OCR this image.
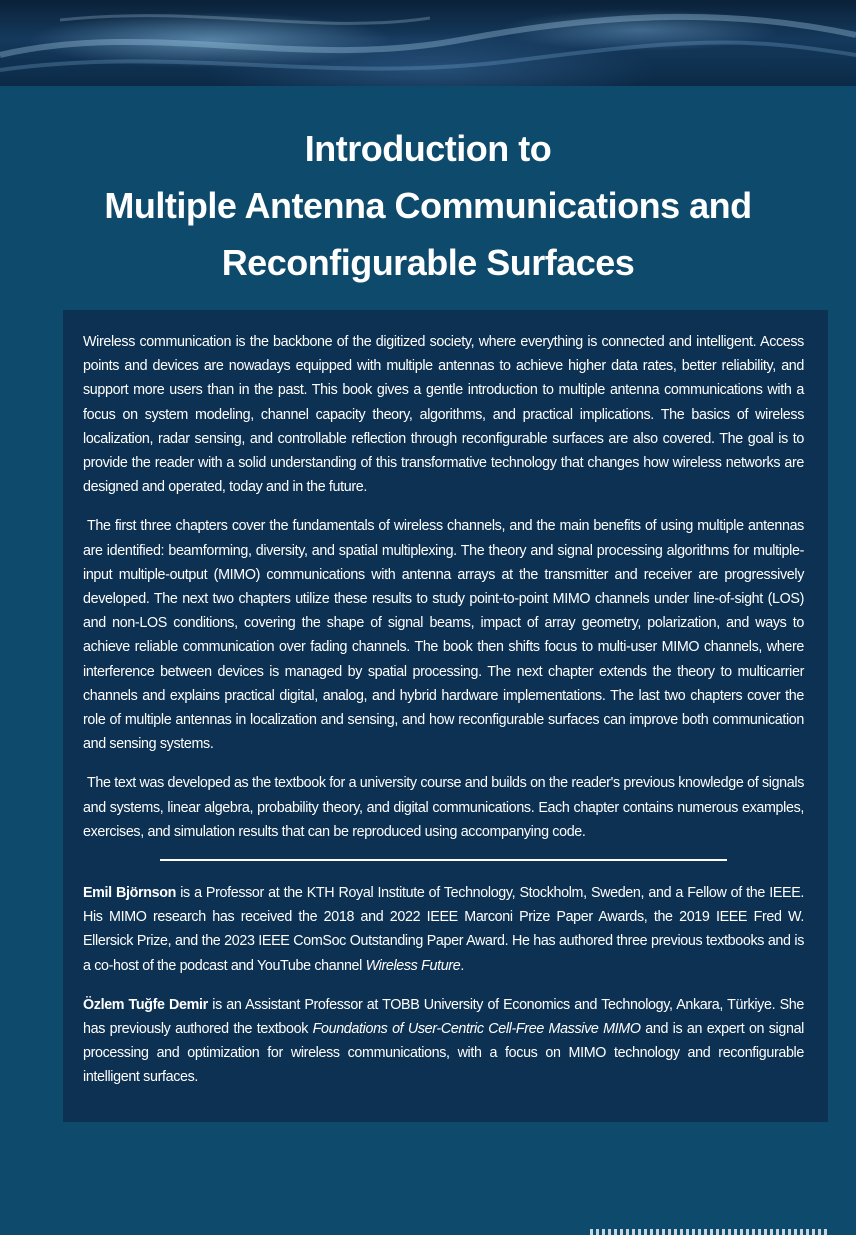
Introduction to
Multiple Antenna Communications and
Reconfigurable Surfaces

Wireless communication is the backbone of the digitized society, where everything is connected and intelligent. Access points and devices are nowadays equipped with multiple antennas to achieve higher data rates, better reliability, and support more users than in the past. This book gives a gentle introduction to multiple antenna communications with a focus on system modeling, channel capacity theory, algorithms, and practical implications. The basics of wireless localization, radar sensing, and controllable reflection through reconfigurable surfaces are also covered. The goal is to provide the reader with a solid understanding of this transformative technology that changes how wireless networks are designed and operated, today and in the future.

The first three chapters cover the fundamentals of wireless channels, and the main benefits of using multiple antennas are identified: beamforming, diversity, and spatial multiplexing. The theory and signal processing algorithms for multiple-input multiple-output (MIMO) communications with antenna arrays at the transmitter and receiver are progressively developed. The next two chapters utilize these results to study point-to-point MIMO channels under line-of-sight (LOS) and non-LOS conditions, covering the shape of signal beams, impact of array geometry, polarization, and ways to achieve reliable communication over fading channels. The book then shifts focus to multi-user MIMO channels, where interference between devices is managed by spatial processing. The next chapter extends the theory to multicarrier channels and explains practical digital, analog, and hybrid hardware implementations. The last two chapters cover the role of multiple antennas in localization and sensing, and how reconfigurable surfaces can improve both communication and sensing systems.

The text was developed as the textbook for a university course and builds on the reader's previous knowledge of signals and systems, linear algebra, probability theory, and digital communications. Each chapter contains numerous examples, exercises, and simulation results that can be reproduced using accompanying code.

Emil Björnson is a Professor at the KTH Royal Institute of Technology, Stockholm, Sweden, and a Fellow of the IEEE. His MIMO research has received the 2018 and 2022 IEEE Marconi Prize Paper Awards, the 2019 IEEE Fred W. Ellersick Prize, and the 2023 IEEE ComSoc Outstanding Paper Award. He has authored three previous textbooks and is a co-host of the podcast and YouTube channel Wireless Future.

Özlem Tuğfe Demir is an Assistant Professor at TOBB University of Economics and Technology, Ankara, Türkiye. She has previously authored the textbook Foundations of User-Centric Cell-Free Massive MIMO and is an expert on signal processing and optimization for wireless communications, with a focus on MIMO technology and reconfigurable intelligent surfaces.
